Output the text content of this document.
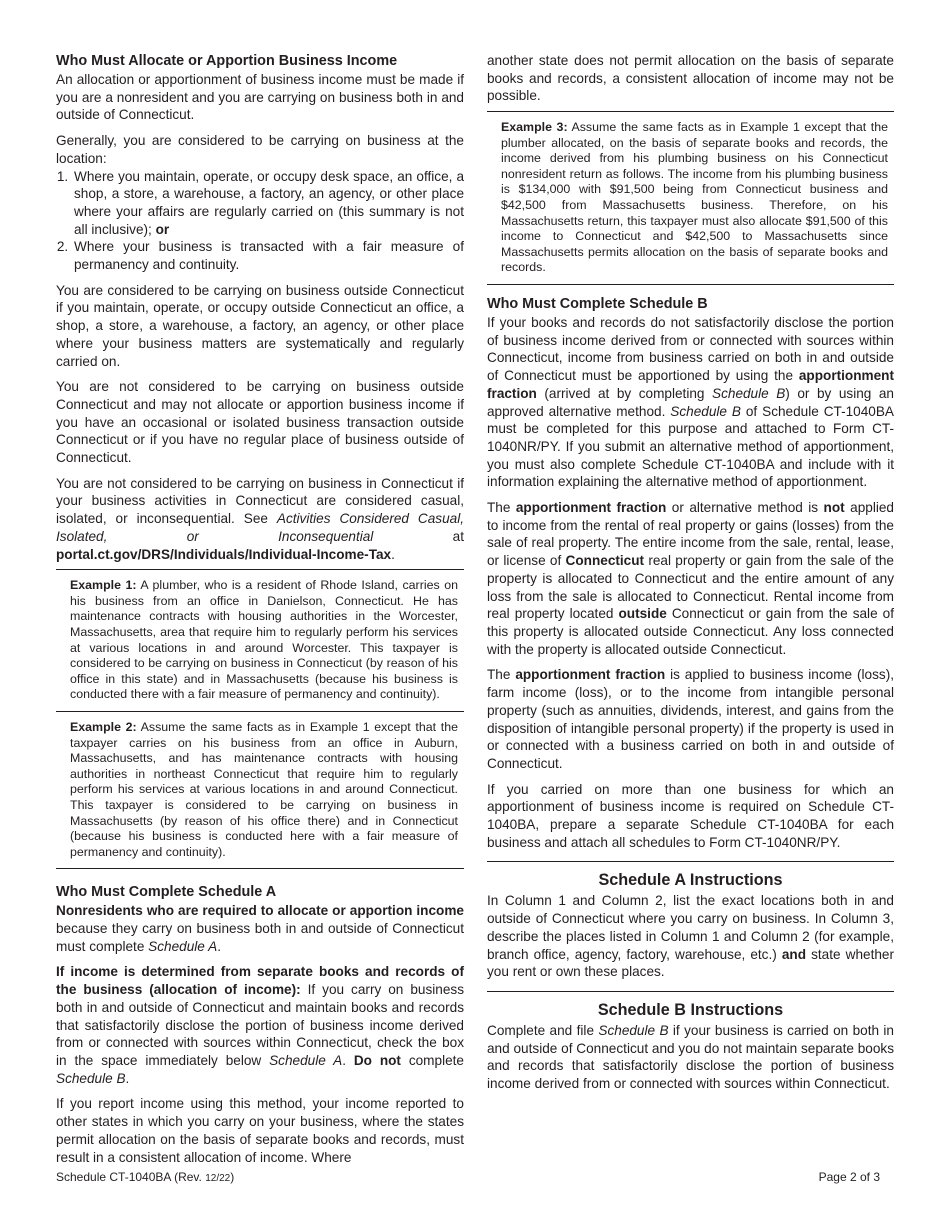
Who Must Allocate or Apportion Business Income

An allocation or apportionment of business income must be made if you are a nonresident and you are carrying on business both in and outside of Connecticut.

Generally, you are considered to be carrying on business at the location:

1. Where you maintain, operate, or occupy desk space, an office, a shop, a store, a warehouse, a factory, an agency, or other place where your affairs are regularly carried on (this summary is not all inclusive); or
2. Where your business is transacted with a fair measure of permanency and continuity.

You are considered to be carrying on business outside Connecticut if you maintain, operate, or occupy outside Connecticut an office, a shop, a store, a warehouse, a factory, an agency, or other place where your business matters are systematically and regularly carried on.

You are not considered to be carrying on business outside Connecticut and may not allocate or apportion business income if you have an occasional or isolated business transaction outside Connecticut or if you have no regular place of business outside of Connecticut.

You are not considered to be carrying on business in Connecticut if your business activities in Connecticut are considered casual, isolated, or inconsequential. See Activities Considered Casual, Isolated, or Inconsequential at portal.ct.gov/DRS/Individuals/Individual-Income-Tax.

Example 1: A plumber, who is a resident of Rhode Island, carries on his business from an office in Danielson, Connecticut. He has maintenance contracts with housing authorities in the Worcester, Massachusetts, area that require him to regularly perform his services at various locations in and around Worcester. This taxpayer is considered to be carrying on business in Connecticut (by reason of his office in this state) and in Massachusetts (because his business is conducted there with a fair measure of permanency and continuity).
Example 2: Assume the same facts as in Example 1 except that the taxpayer carries on his business from an office in Auburn, Massachusetts, and has maintenance contracts with housing authorities in northeast Connecticut that require him to regularly perform his services at various locations in and around Connecticut. This taxpayer is considered to be carrying on business in Massachusetts (by reason of his office there) and in Connecticut (because his business is conducted here with a fair measure of permanency and continuity).
Who Must Complete Schedule A

Nonresidents who are required to allocate or apportion income because they carry on business both in and outside of Connecticut must complete Schedule A.

If income is determined from separate books and records of the business (allocation of income): If you carry on business both in and outside of Connecticut and maintain books and records that satisfactorily disclose the portion of business income derived from or connected with sources within Connecticut, check the box in the space immediately below Schedule A. Do not complete Schedule B.

If you report income using this method, your income reported to other states in which you carry on your business, where the states permit allocation on the basis of separate books and records, must result in a consistent allocation of income. Where

another state does not permit allocation on the basis of separate books and records, a consistent allocation of income may not be possible.

Example 3: Assume the same facts as in Example 1 except that the plumber allocated, on the basis of separate books and records, the income derived from his plumbing business on his Connecticut nonresident return as follows. The income from his plumbing business is $134,000 with $91,500 being from Connecticut business and $42,500 from Massachusetts business. Therefore, on his Massachusetts return, this taxpayer must also allocate $91,500 of this income to Connecticut and $42,500 to Massachusetts since Massachusetts permits allocation on the basis of separate books and records.
Who Must Complete Schedule B

If your books and records do not satisfactorily disclose the portion of business income derived from or connected with sources within Connecticut, income from business carried on both in and outside of Connecticut must be apportioned by using the apportionment fraction (arrived at by completing Schedule B) or by using an approved alternative method. Schedule B of Schedule CT-1040BA must be completed for this purpose and attached to Form CT-1040NR/PY. If you submit an alternative method of apportionment, you must also complete Schedule CT-1040BA and include with it information explaining the alternative method of apportionment.

The apportionment fraction or alternative method is not applied to income from the rental of real property or gains (losses) from the sale of real property. The entire income from the sale, rental, lease, or license of Connecticut real property or gain from the sale of the property is allocated to Connecticut and the entire amount of any loss from the sale is allocated to Connecticut. Rental income from real property located outside Connecticut or gain from the sale of this property is allocated outside Connecticut. Any loss connected with the property is allocated outside Connecticut.

The apportionment fraction is applied to business income (loss), farm income (loss), or to the income from intangible personal property (such as annuities, dividends, interest, and gains from the disposition of intangible personal property) if the property is used in or connected with a business carried on both in and outside of Connecticut.

If you carried on more than one business for which an apportionment of business income is required on Schedule CT-1040BA, prepare a separate Schedule CT-1040BA for each business and attach all schedules to Form CT-1040NR/PY.

Schedule A Instructions

In Column 1 and Column 2, list the exact locations both in and outside of Connecticut where you carry on business. In Column 3, describe the places listed in Column 1 and Column 2 (for example, branch office, agency, factory, warehouse, etc.) and state whether you rent or own these places.

Schedule B Instructions

Complete and file Schedule B if your business is carried on both in and outside of Connecticut and you do not maintain separate books and records that satisfactorily disclose the portion of business income derived from or connected with sources within Connecticut.

Schedule CT-1040BA (Rev. 12/22)	Page 2 of 3
